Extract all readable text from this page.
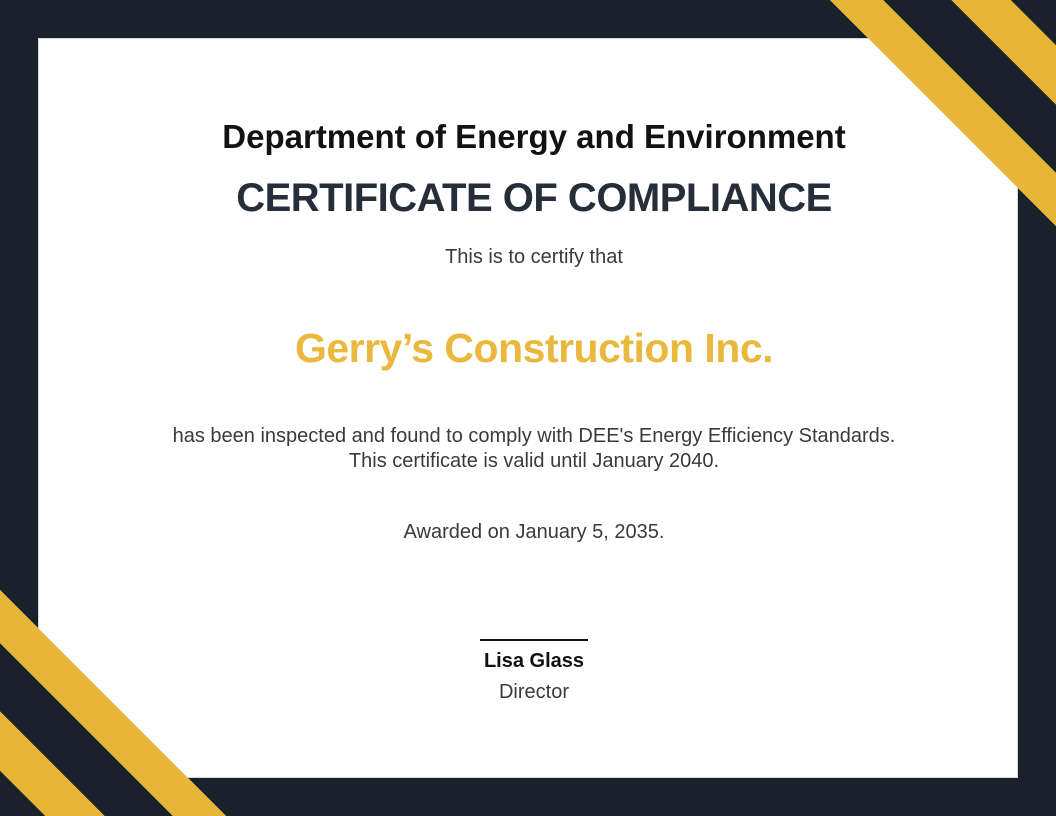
Department of Energy and Environment
CERTIFICATE OF COMPLIANCE
This is to certify that
Gerry’s Construction Inc.
has been inspected and found to comply with DEE's Energy Efficiency Standards.
This certificate is valid until January 2040.
Awarded on January 5, 2035.
Lisa Glass
Director
